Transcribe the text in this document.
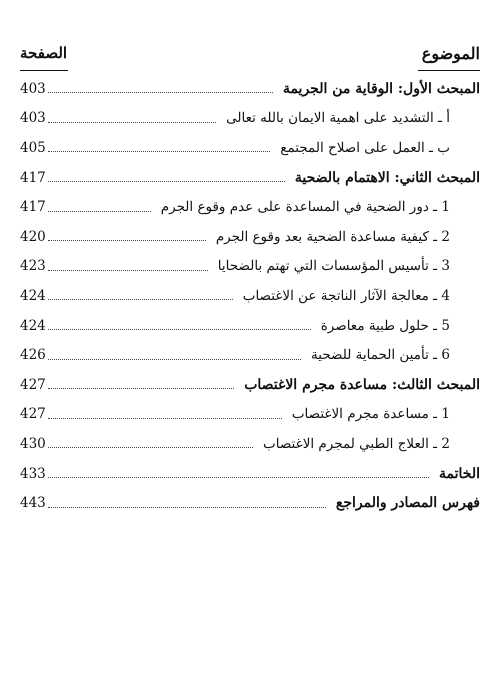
الموضوع
الصفحة
المبحث الأول: الوقاية من الجريمة
403
أ ـ التشديد على اهمية الايمان بالله تعالى
403
ب ـ العمل على اصلاح المجتمع
405
المبحث الثاني: الاهتمام بالضحية
417
1 ـ دور الضحية في المساعدة على عدم وقوع الجرم
417
2 ـ كيفية مساعدة الضحية بعد وقوع الجرم
420
3 ـ تأسيس المؤسسات التي تهتم بالضحايا
423
4 ـ معالجة الآثار الناتجة عن الاغتصاب
424
5 ـ حلول طبية معاصرة
424
6 ـ تأمين الحماية للضحية
426
المبحث الثالث: مساعدة مجرم الاغتصاب
427
1 ـ مساعدة مجرم الاغتصاب
427
2 ـ العلاج الطبي لمجرم الاغتصاب
430
الخاتمة
433
فهرس المصادر والمراجع
443
